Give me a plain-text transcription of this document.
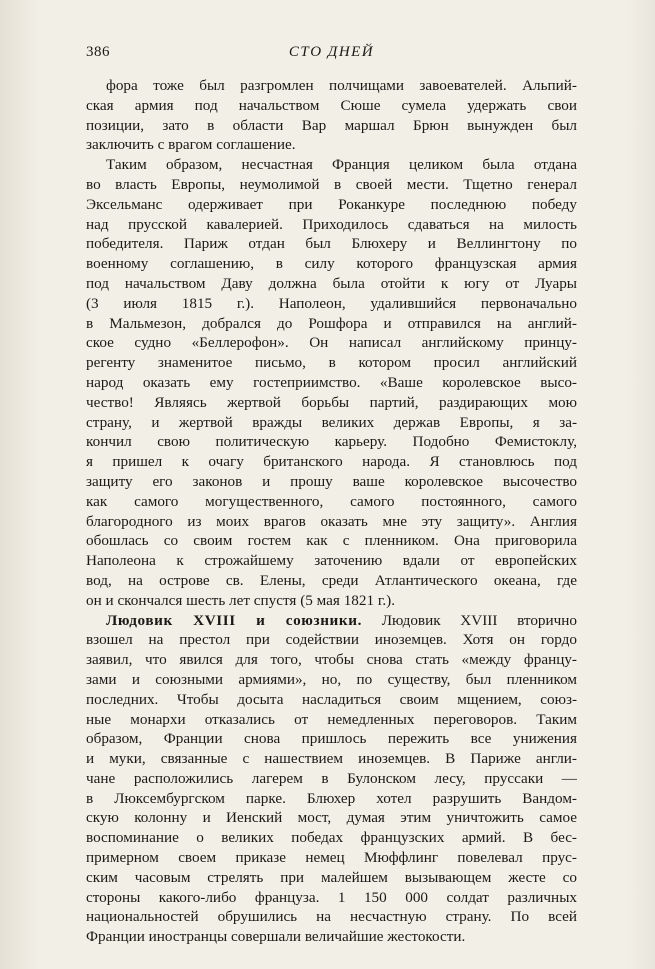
386	СТО ДНЕЙ
фора тоже был разгромлен полчищами завоевателей. Альпий-
ская армия под начальством Сюше сумела удержать свои
позиции, зато в области Вар маршал Брюн вынужден был
заключить с врагом соглашение.
Таким образом, несчастная Франция целиком была отдана
во власть Европы, неумолимой в своей мести. Тщетно генерал
Эксельманс одерживает при Роканкуре последнюю победу
над прусской кавалерией. Приходилось сдаваться на милость
победителя. Париж отдан был Блюхеру и Веллингтону по
военному соглашению, в силу которого французская армия
под начальством Даву должна была отойти к югу от Луары
(3 июля 1815 г.). Наполеон, удалившийся первоначально
в Мальмезон, добрался до Рошфора и отправился на англий-
ское судно «Беллерофон». Он написал английскому принцу-
регенту знаменитое письмо, в котором просил английский
народ оказать ему гостеприимство. «Ваше королевское высо-
чество! Являясь жертвой борьбы партий, раздирающих мою
страну, и жертвой вражды великих держав Европы, я за-
кончил свою политическую карьеру. Подобно Фемистоклу,
я пришел к очагу британского народа. Я становлюсь под
защиту его законов и прошу ваше королевское высочество
как самого могущественного, самого постоянного, самого
благородного из моих врагов оказать мне эту защиту». Англия
обошлась со своим гостем как с пленником. Она приговорила
Наполеона к строжайшему заточению вдали от европейских
вод, на острове св. Елены, среди Атлантического океана, где
он и скончался шесть лет спустя (5 мая 1821 г.).
Людовик XVIII и союзники. Людовик XVIII вторично
взошел на престол при содействии иноземцев. Хотя он гордо
заявил, что явился для того, чтобы снова стать «между францу-
зами и союзными армиями», но, по существу, был пленником
последних. Чтобы досыта насладиться своим мщением, союз-
ные монархи отказались от немедленных переговоров. Таким
образом, Франции снова пришлось пережить все унижения
и муки, связанные с нашествием иноземцев. В Париже англи-
чане расположились лагерем в Булонском лесу, пруссаки —
в Люксембургском парке. Блюхер хотел разрушить Вандом-
скую колонну и Иенский мост, думая этим уничтожить самое
воспоминание о великих победах французских армий. В бес-
примерном своем приказе немец Мюффлинг повелевал прус-
ским часовым стрелять при малейшем вызывающем жесте со
стороны какого-либо француза. 1 150 000 солдат различных
национальностей обрушились на несчастную страну. По всей
Франции иностранцы совершали величайшие жестокости.
